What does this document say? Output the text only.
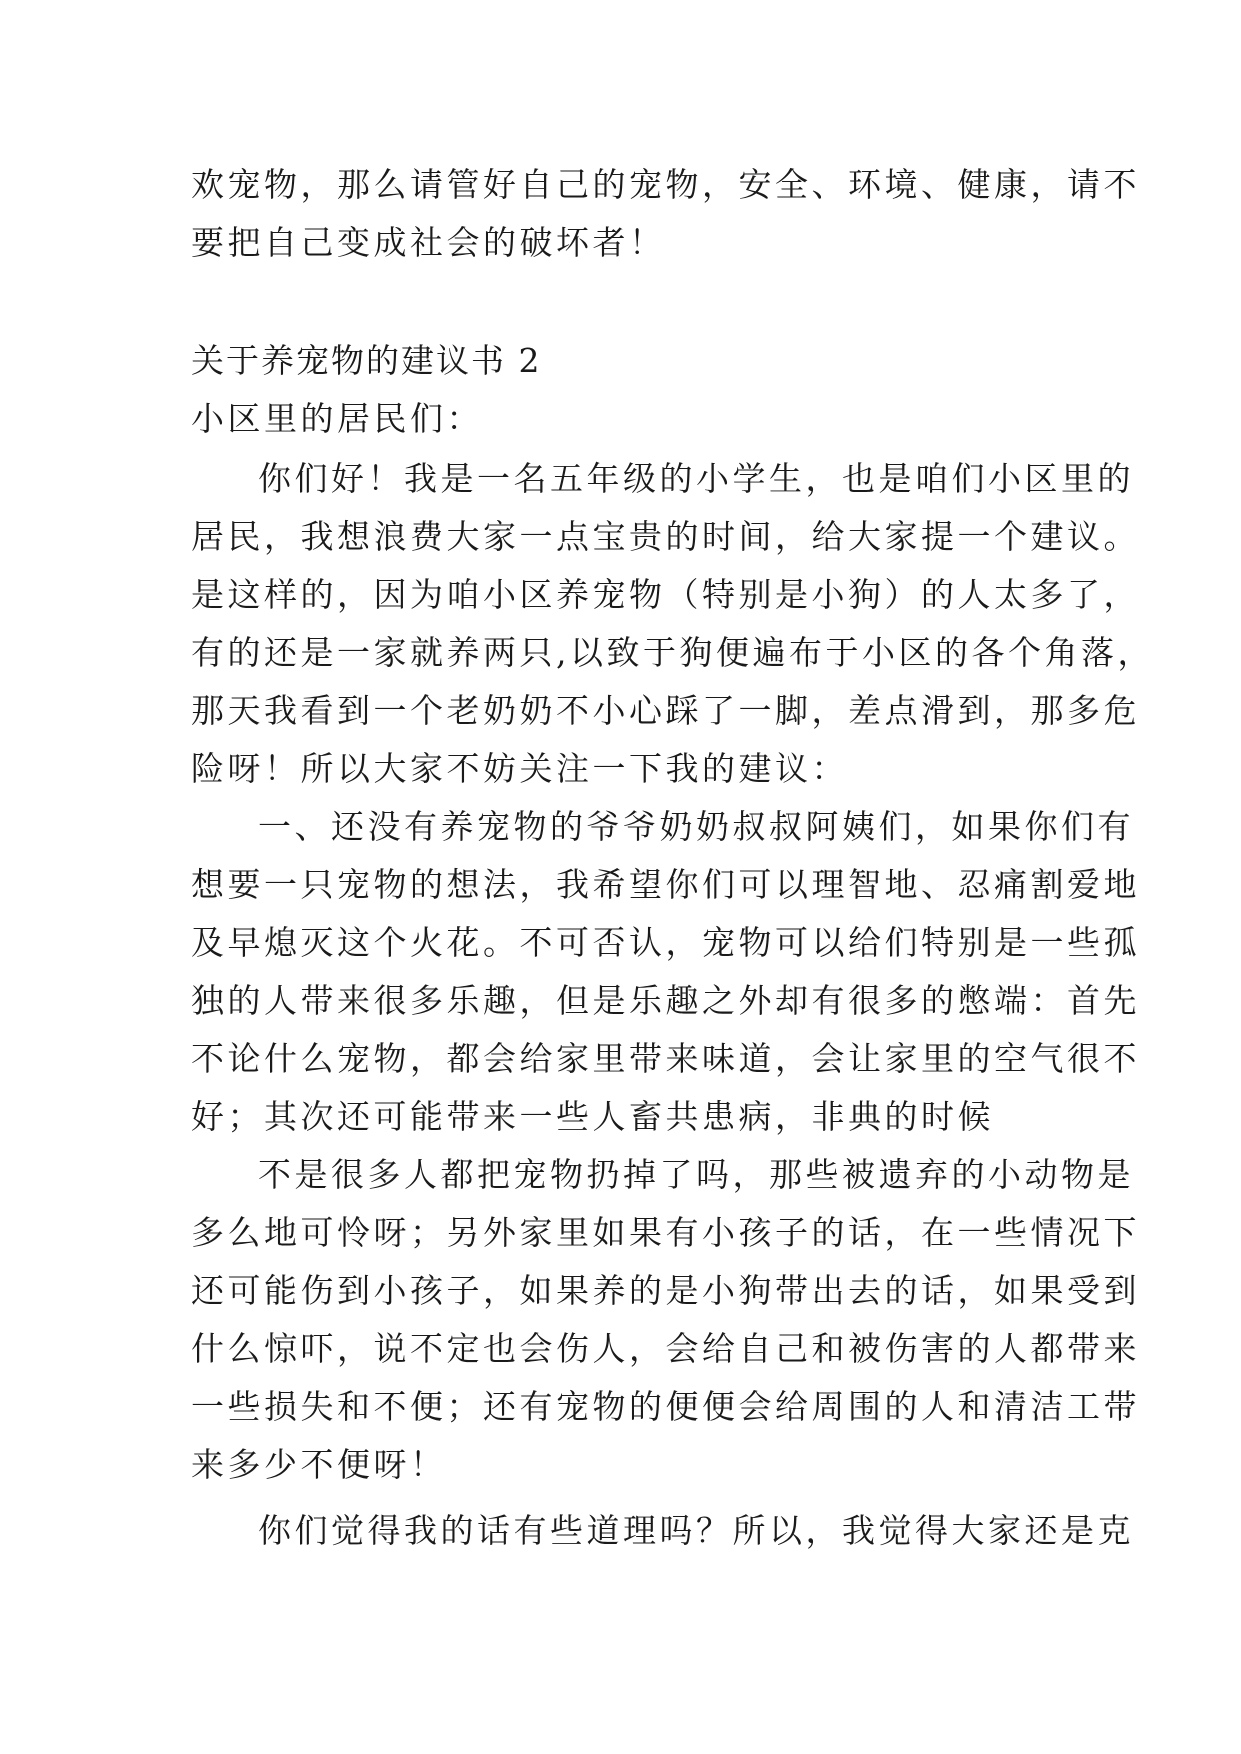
欢宠物，那么请管好自己的宠物，安全、环境、健康，请不
要把自己变成社会的破坏者！
关于养宠物的建议书 2
小区里的居民们：
你们好！我是一名五年级的小学生，也是咱们小区里的
居民，我想浪费大家一点宝贵的时间，给大家提一个建议。
是这样的，因为咱小区养宠物（特别是小狗）的人太多了，
有的还是一家就养两只,以致于狗便遍布于小区的各个角落，
那天我看到一个老奶奶不小心踩了一脚，差点滑到，那多危
险呀！所以大家不妨关注一下我的建议：
一、还没有养宠物的爷爷奶奶叔叔阿姨们，如果你们有
想要一只宠物的想法，我希望你们可以理智地、忍痛割爱地
及早熄灭这个火花。不可否认，宠物可以给们特别是一些孤
独的人带来很多乐趣，但是乐趣之外却有很多的憋端：首先
不论什么宠物，都会给家里带来味道，会让家里的空气很不
好；其次还可能带来一些人畜共患病，非典的时候
不是很多人都把宠物扔掉了吗，那些被遗弃的小动物是
多么地可怜呀；另外家里如果有小孩子的话，在一些情况下
还可能伤到小孩子，如果养的是小狗带出去的话，如果受到
什么惊吓，说不定也会伤人，会给自己和被伤害的人都带来
一些损失和不便；还有宠物的便便会给周围的人和清洁工带
来多少不便呀！
你们觉得我的话有些道理吗？所以，我觉得大家还是克
